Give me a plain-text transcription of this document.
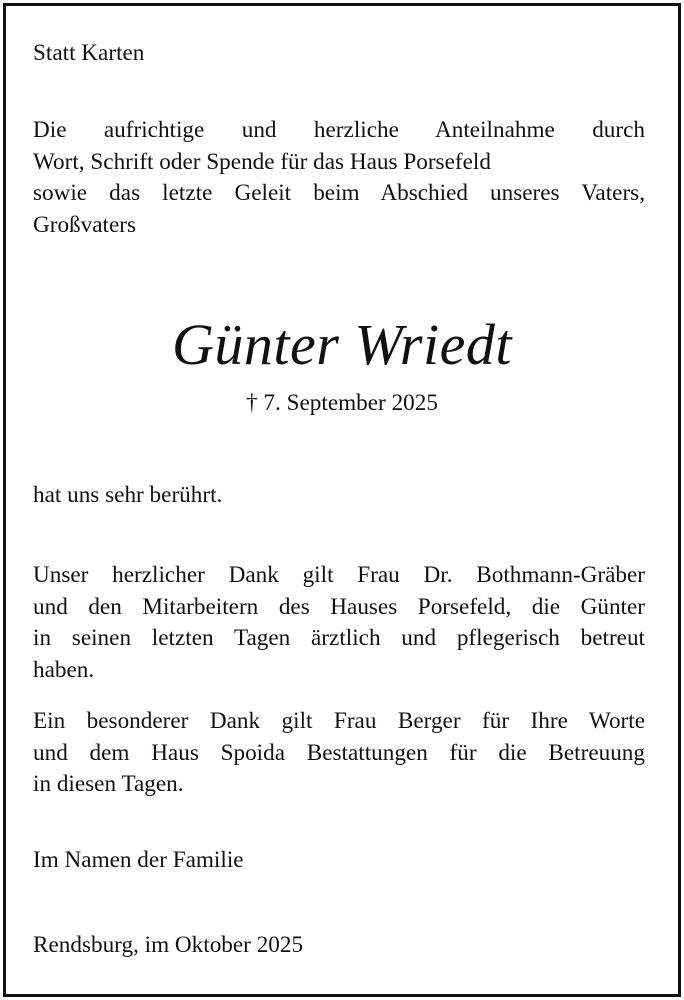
Statt Karten

Die aufrichtige und herzliche Anteilnahme durch
Wort, Schrift oder Spende für das Haus Porsefeld
sowie das letzte Geleit beim Abschied unseres Vaters,
Großvaters
Günter Wriedt
† 7. September 2025

hat uns sehr berührt.

Unser herzlicher Dank gilt Frau Dr. Bothmann-Gräber
und den Mitarbeitern des Hauses Porsefeld, die Günter
in seinen letzten Tagen ärztlich und pflegerisch betreut
haben.
Ein besonderer Dank gilt Frau Berger für Ihre Worte
und dem Haus Spoida Bestattungen für die Betreuung
in diesen Tagen.

Im Namen der Familie

Rendsburg, im Oktober 2025
